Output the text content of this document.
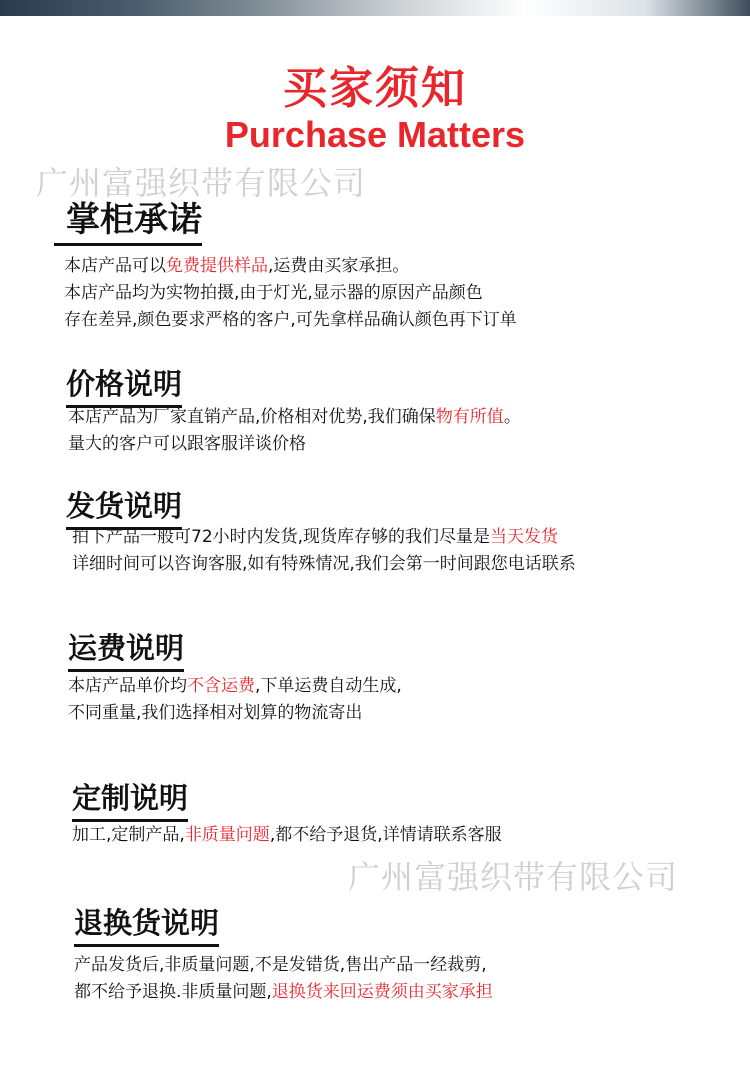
买家须知
Purchase Matters
广州富强织带有限公司
广州富强织带有限公司
掌柜承诺
本店产品可以免费提供样品,运费由买家承担。
本店产品均为实物拍摄,由于灯光,显示器的原因产品颜色
存在差异,颜色要求严格的客户,可先拿样品确认颜色再下订单
价格说明
本店产品为厂家直销产品,价格相对优势,我们确保物有所值。
量大的客户可以跟客服详谈价格
发货说明
拍下产品一般可72小时内发货,现货库存够的我们尽量是当天发货
详细时间可以咨询客服,如有特殊情况,我们会第一时间跟您电话联系
运费说明
本店产品单价均不含运费,下单运费自动生成,
不同重量,我们选择相对划算的物流寄出
定制说明
加工,定制产品,非质量问题,都不给予退货,详情请联系客服
退换货说明
产品发货后,非质量问题,不是发错货,售出产品一经裁剪,
都不给予退换.非质量问题,退换货来回运费须由买家承担
